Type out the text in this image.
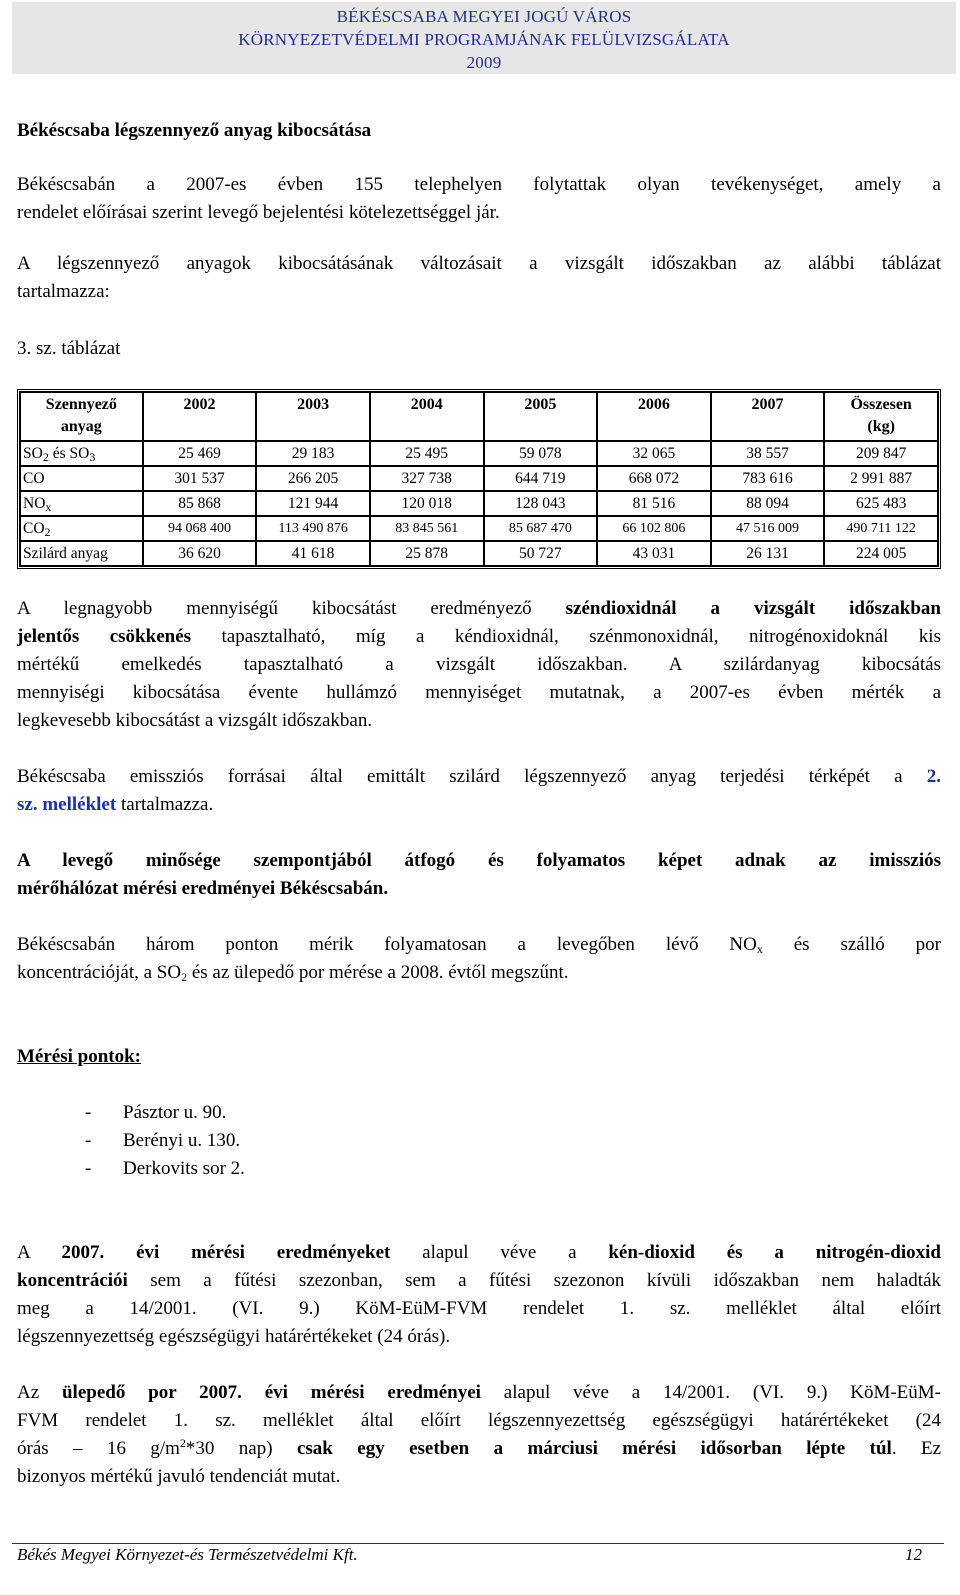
BÉKÉSCSABA MEGYEI JOGÚ VÁROS
KÖRNYEZETVÉDELMI PROGRAMJÁNAK FELÜLVIZSGÁLATA
2009
Békéscsaba légszennyező anyag kibocsátása
Békéscsabán a 2007-es évben 155 telephelyen folytattak olyan tevékenységet, amely a
rendelet előírásai szerint levegő bejelentési kötelezettséggel jár.
A légszennyező anyagok kibocsátásának változásait a vizsgált időszakban az alábbi táblázat
tartalmazza:
3. sz. táblázat
Szennyező
anyag	2002	2003	2004	2005	2006	2007	Összesen
(kg)
$SO_2$ és $SO_3$	25 469	29 183	25 495	59 078	32 065	38 557	209 847
CO	301 537	266 205	327 738	644 719	668 072	783 616	2 991 887
$NO_x$	85 868	121 944	120 018	128 043	81 516	88 094	625 483
$CO_2$	94 068 400	113 490 876	83 845 561	85 687 470	66 102 806	47 516 009	490 711 122
Szilárd anyag	36 620	41 618	25 878	50 727	43 031	26 131	224 005
A legnagyobb mennyiségű kibocsátást eredményező széndioxidnál a vizsgált időszakban
jelentős csökkenés tapasztalható, míg a kéndioxidnál, szénmonoxidnál, nitrogénoxidoknál kis
mértékű emelkedés tapasztalható a vizsgált időszakban. A szilárdanyag kibocsátás
mennyiségi kibocsátása évente hullámzó mennyiséget mutatnak, a 2007-es évben mérték a
legkevesebb kibocsátást a vizsgált időszakban.
Békéscsaba emissziós forrásai által emittált szilárd légszennyező anyag terjedési térképét a 2.
sz. melléklet tartalmazza.
A levegő minősége szempontjából átfogó és folyamatos képet adnak az imissziós
mérőhálózat mérési eredményei Békéscsabán.
Békéscsabán három ponton mérik folyamatosan a levegőben lévő $NO_x$ és szálló por
koncentrációját, a $SO_2$ és az ülepedő por mérése a 2008. évtől megszűnt.
Mérési pontok:
- Pásztor u. 90.
- Berényi u. 130.
- Derkovits sor 2.
A 2007. évi mérési eredményeket alapul véve a kén-dioxid és a nitrogén-dioxid
koncentrációi sem a fűtési szezonban, sem a fűtési szezonon kívüli időszakban nem haladták
meg a 14/2001. (VI. 9.) KöM-EüM-FVM rendelet 1. sz. melléklet által előírt
légszennyezettség egészségügyi határértékeket (24 órás).
Az ülepedő por 2007. évi mérési eredményei alapul véve a 14/2001. (VI. 9.) KöM-EüM-
FVM rendelet 1. sz. melléklet által előírt légszennyezettség egészségügyi határértékeket (24
órás – 16 $g/m^2*30$ nap) csak egy esetben a márciusi mérési idősorban lépte túl. Ez
bizonyos mértékű javuló tendenciát mutat.
Békés Megyei Környezet-és Természetvédelmi Kft.	12
